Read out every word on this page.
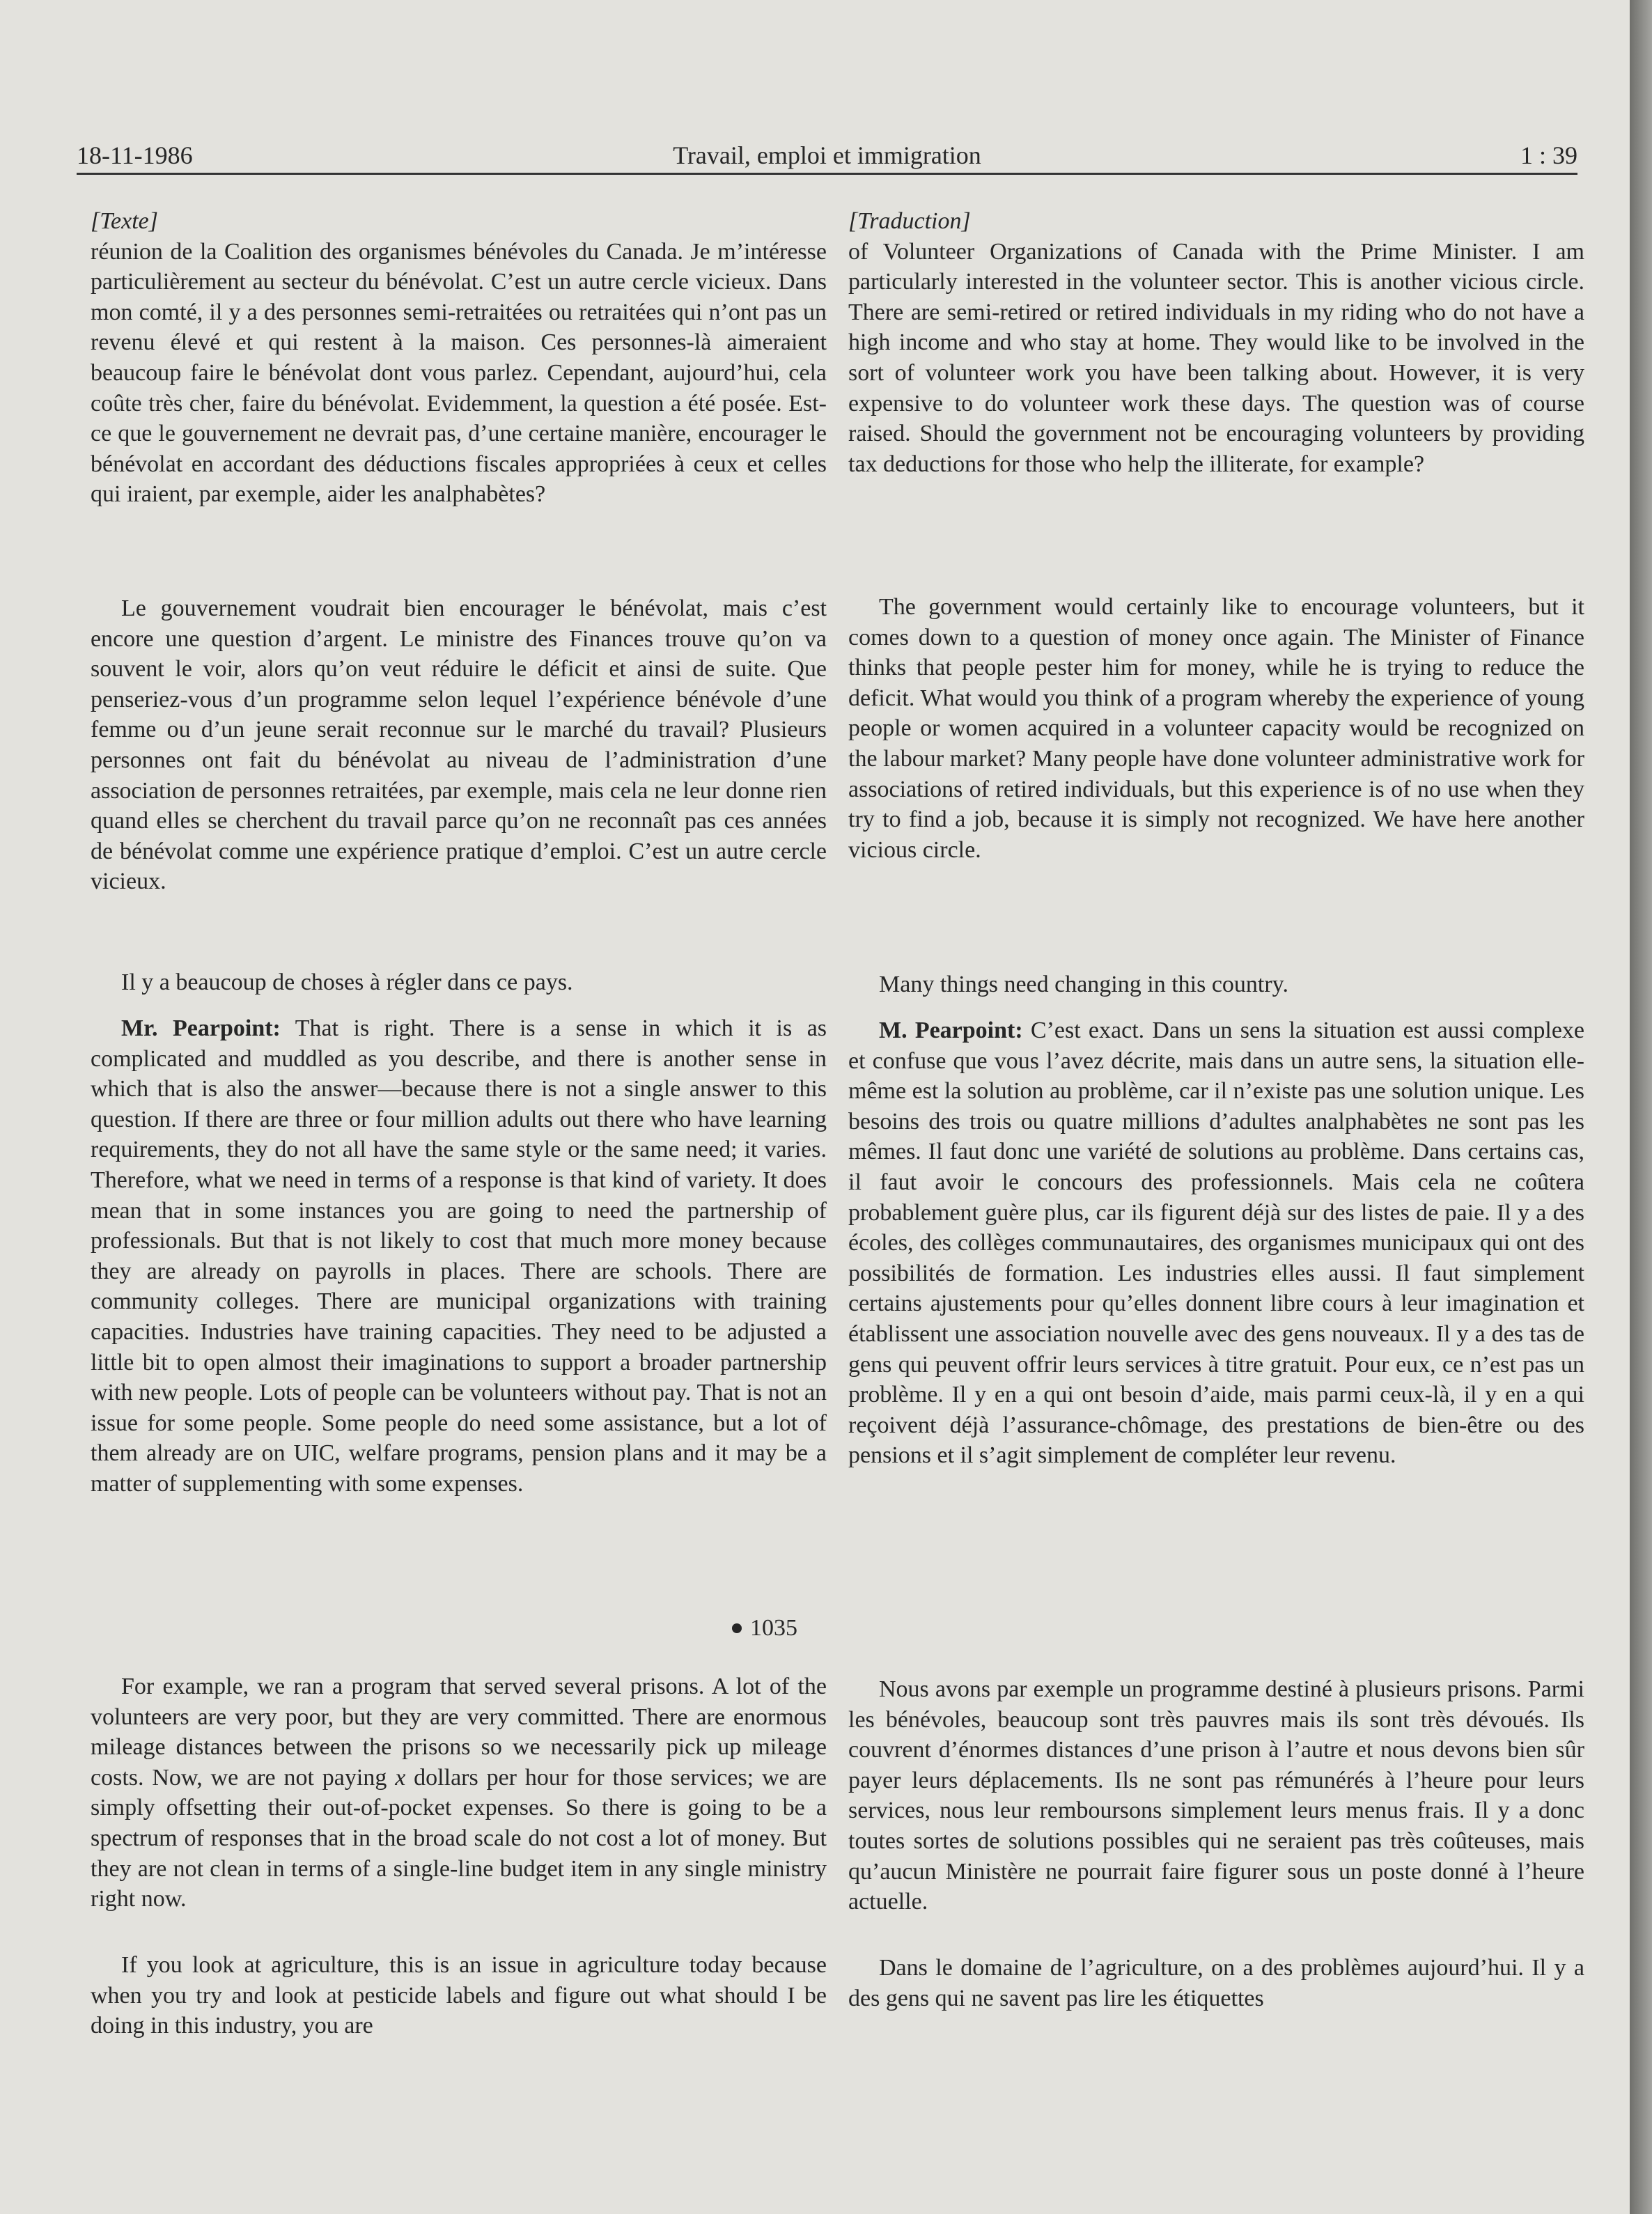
18-11-1986	Travail, emploi et immigration	1 : 39

[Texte]

réunion de la Coalition des organismes bénévoles du Canada. Je m’intéresse particulièrement au secteur du bénévolat. C’est un autre cercle vicieux. Dans mon comté, il y a des personnes semi-retraitées ou retraitées qui n’ont pas un revenu élevé et qui restent à la maison. Ces personnes-là aimeraient beaucoup faire le bénévolat dont vous parlez. Cependant, aujourd’hui, cela coûte très cher, faire du bénévolat. Evidemment, la question a été posée. Est-ce que le gouvernement ne devrait pas, d’une certaine manière, encourager le bénévolat en accordant des déductions fiscales appropriées à ceux et celles qui iraient, par exemple, aider les analphabètes?

Le gouvernement voudrait bien encourager le bénévolat, mais c’est encore une question d’argent. Le ministre des Finances trouve qu’on va souvent le voir, alors qu’on veut réduire le déficit et ainsi de suite. Que penseriez-vous d’un programme selon lequel l’expérience bénévole d’une femme ou d’un jeune serait reconnue sur le marché du travail? Plusieurs personnes ont fait du bénévolat au niveau de l’administration d’une association de personnes retraitées, par exemple, mais cela ne leur donne rien quand elles se cherchent du travail parce qu’on ne reconnaît pas ces années de bénévolat comme une expérience pratique d’emploi. C’est un autre cercle vicieux.

Il y a beaucoup de choses à régler dans ce pays.

Mr. Pearpoint: That is right. There is a sense in which it is as complicated and muddled as you describe, and there is another sense in which that is also the answer—because there is not a single answer to this question. If there are three or four million adults out there who have learning requirements, they do not all have the same style or the same need; it varies. Therefore, what we need in terms of a response is that kind of variety. It does mean that in some instances you are going to need the partnership of professionals. But that is not likely to cost that much more money because they are already on payrolls in places. There are schools. There are community colleges. There are municipal organizations with training capacities. Industries have training capacities. They need to be adjusted a little bit to open almost their imaginations to support a broader partnership with new people. Lots of people can be volunteers without pay. That is not an issue for some people. Some people do need some assistance, but a lot of them already are on UIC, welfare programs, pension plans and it may be a matter of supplementing with some expenses.

1035

For example, we ran a program that served several prisons. A lot of the volunteers are very poor, but they are very committed. There are enormous mileage distances between the prisons so we necessarily pick up mileage costs. Now, we are not paying x dollars per hour for those services; we are simply offsetting their out-of-pocket expenses. So there is going to be a spectrum of responses that in the broad scale do not cost a lot of money. But they are not clean in terms of a single-line budget item in any single ministry right now.

If you look at agriculture, this is an issue in agriculture today because when you try and look at pesticide labels and figure out what should I be doing in this industry, you are

[Traduction]

of Volunteer Organizations of Canada with the Prime Minister. I am particularly interested in the volunteer sector. This is another vicious circle. There are semi-retired or retired individuals in my riding who do not have a high income and who stay at home. They would like to be involved in the sort of volunteer work you have been talking about. However, it is very expensive to do volunteer work these days. The question was of course raised. Should the government not be encouraging volunteers by providing tax deductions for those who help the illiterate, for example?

The government would certainly like to encourage volunteers, but it comes down to a question of money once again. The Minister of Finance thinks that people pester him for money, while he is trying to reduce the deficit. What would you think of a program whereby the experience of young people or women acquired in a volunteer capacity would be recognized on the labour market? Many people have done volunteer administrative work for associations of retired individuals, but this experience is of no use when they try to find a job, because it is simply not recognized. We have here another vicious circle.

Many things need changing in this country.

M. Pearpoint: C’est exact. Dans un sens la situation est aussi complexe et confuse que vous l’avez décrite, mais dans un autre sens, la situation elle-même est la solution au problème, car il n’existe pas une solution unique. Les besoins des trois ou quatre millions d’adultes analphabètes ne sont pas les mêmes. Il faut donc une variété de solutions au problème. Dans certains cas, il faut avoir le concours des professionnels. Mais cela ne coûtera probablement guère plus, car ils figurent déjà sur des listes de paie. Il y a des écoles, des collèges communautaires, des organismes municipaux qui ont des possibilités de formation. Les industries elles aussi. Il faut simplement certains ajustements pour qu’elles donnent libre cours à leur imagination et établissent une association nouvelle avec des gens nouveaux. Il y a des tas de gens qui peuvent offrir leurs services à titre gratuit. Pour eux, ce n’est pas un problème. Il y en a qui ont besoin d’aide, mais parmi ceux-là, il y en a qui reçoivent déjà l’assurance-chômage, des prestations de bien-être ou des pensions et il s’agit simplement de compléter leur revenu.

Nous avons par exemple un programme destiné à plusieurs prisons. Parmi les bénévoles, beaucoup sont très pauvres mais ils sont très dévoués. Ils couvrent d’énormes distances d’une prison à l’autre et nous devons bien sûr payer leurs déplacements. Ils ne sont pas rémunérés à l’heure pour leurs services, nous leur remboursons simplement leurs menus frais. Il y a donc toutes sortes de solutions possibles qui ne seraient pas très coûteuses, mais qu’aucun Ministère ne pourrait faire figurer sous un poste donné à l’heure actuelle.

Dans le domaine de l’agriculture, on a des problèmes aujourd’hui. Il y a des gens qui ne savent pas lire les étiquettes
